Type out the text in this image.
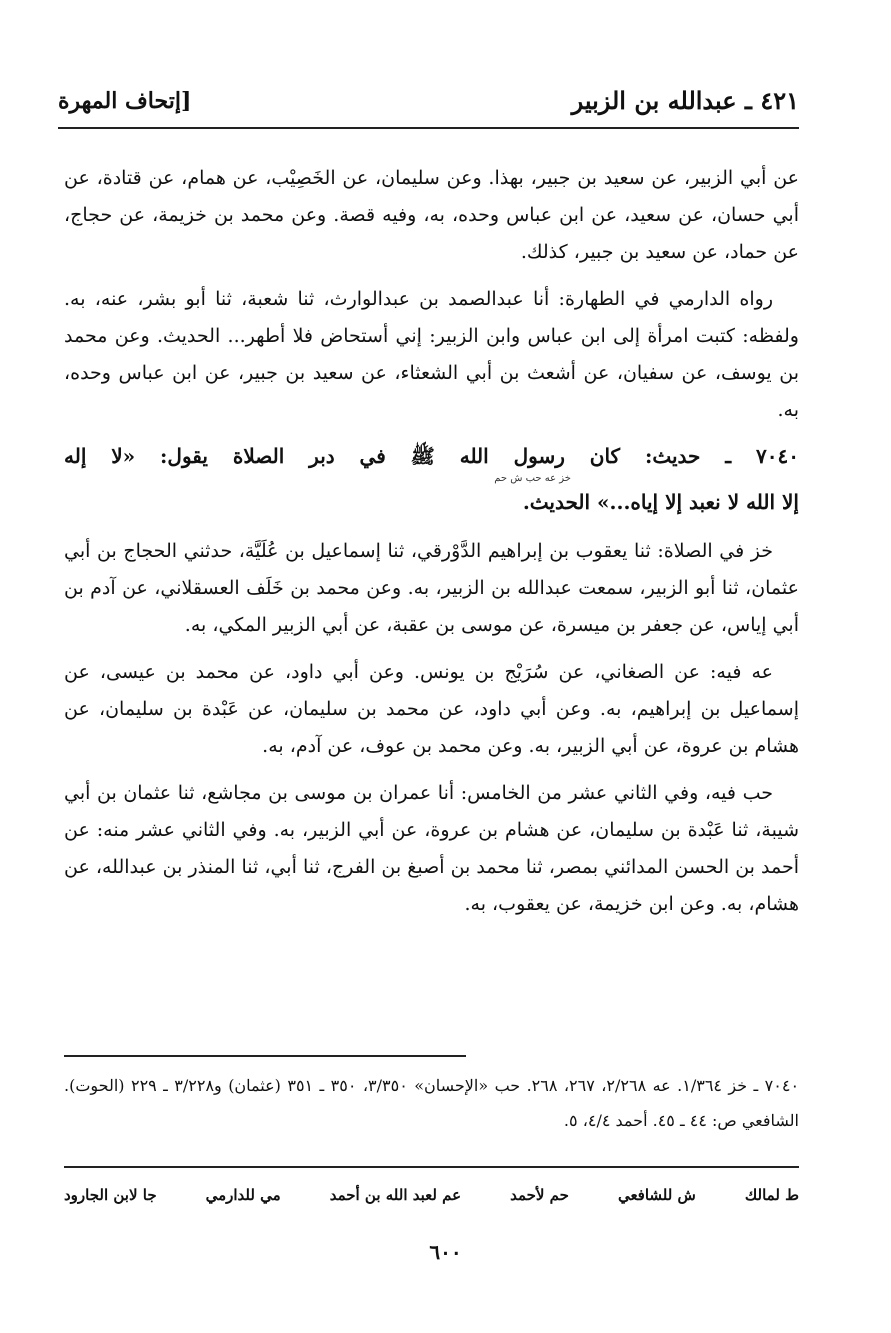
٤٢١ ـ عبدالله بن الزبير
[إتحاف المهرة

عن أبي الزبير، عن سعيد بن جبير، بهذا. وعن سليمان، عن الخَصِيْب، عن همام، عن قتادة، عن أبي حسان، عن سعيد، عن ابن عباس وحده، به، وفيه قصة. وعن محمد بن خزيمة، عن حجاج، عن حماد، عن سعيد بن جبير، كذلك.

رواه الدارمي في الطهارة: أنا عبدالصمد بن عبدالوارث، ثنا شعبة، ثنا أبو بشر، عنه، به. ولفظه: كتبت امرأة إلى ابن عباس وابن الزبير: إني أستحاض فلا أطهر... الحديث. وعن محمد بن يوسف، عن سفيان، عن أشعث بن أبي الشعثاء، عن سعيد بن جبير، عن ابن عباس وحده، به.

٧٠٤٠ ـ حديث: كان رسول الله ﷺ في دبر الصلاة يقول: «لا إله
خز عه حب ش حم
إلا الله لا نعبد إلا إياه...» الحديث.

خز في الصلاة: ثنا يعقوب بن إبراهيم الدَّوْرقي، ثنا إسماعيل بن عُلَيَّة، حدثني الحجاج بن أبي عثمان، ثنا أبو الزبير، سمعت عبدالله بن الزبير، به. وعن محمد بن خَلَف العسقلاني، عن آدم بن أبي إياس، عن جعفر بن ميسرة، عن موسى بن عقبة، عن أبي الزبير المكي، به.

عه فيه: عن الصغاني، عن سُرَيْج بن يونس. وعن أبي داود، عن محمد بن عيسى، عن إسماعيل بن إبراهيم، به. وعن أبي داود، عن محمد بن سليمان، عن عَبْدة بن سليمان، عن هشام بن عروة، عن أبي الزبير، به. وعن محمد بن عوف، عن آدم، به.

حب فيه، وفي الثاني عشر من الخامس: أنا عمران بن موسى بن مجاشع، ثنا عثمان بن أبي شيبة، ثنا عَبْدة بن سليمان، عن هشام بن عروة، عن أبي الزبير، به. وفي الثاني عشر منه: عن أحمد بن الحسن المدائني بمصر، ثنا محمد بن أصبغ بن الفرج، ثنا أبي، ثنا المنذر بن عبدالله، عن هشام، به. وعن ابن خزيمة، عن يعقوب، به.

٧٠٤٠ ـ خز ١/٣٦٤. عه ٢/٢٦٨، ٢٦٧، ٢٦٨. حب «الإحسان» ٣/٣٥٠، ٣٥٠ ـ ٣٥١ (عثمان) و٣/٢٢٨ ـ ٢٢٩ (الحوت). الشافعي ص: ٤٤ ـ ٤٥. أحمد ٤/٤، ٥.
ط لمالك
ش للشافعي
حم لأحمد
عم لعبد الله بن أحمد
مي للدارمي
جا لابن الجارود
٦٠٠
